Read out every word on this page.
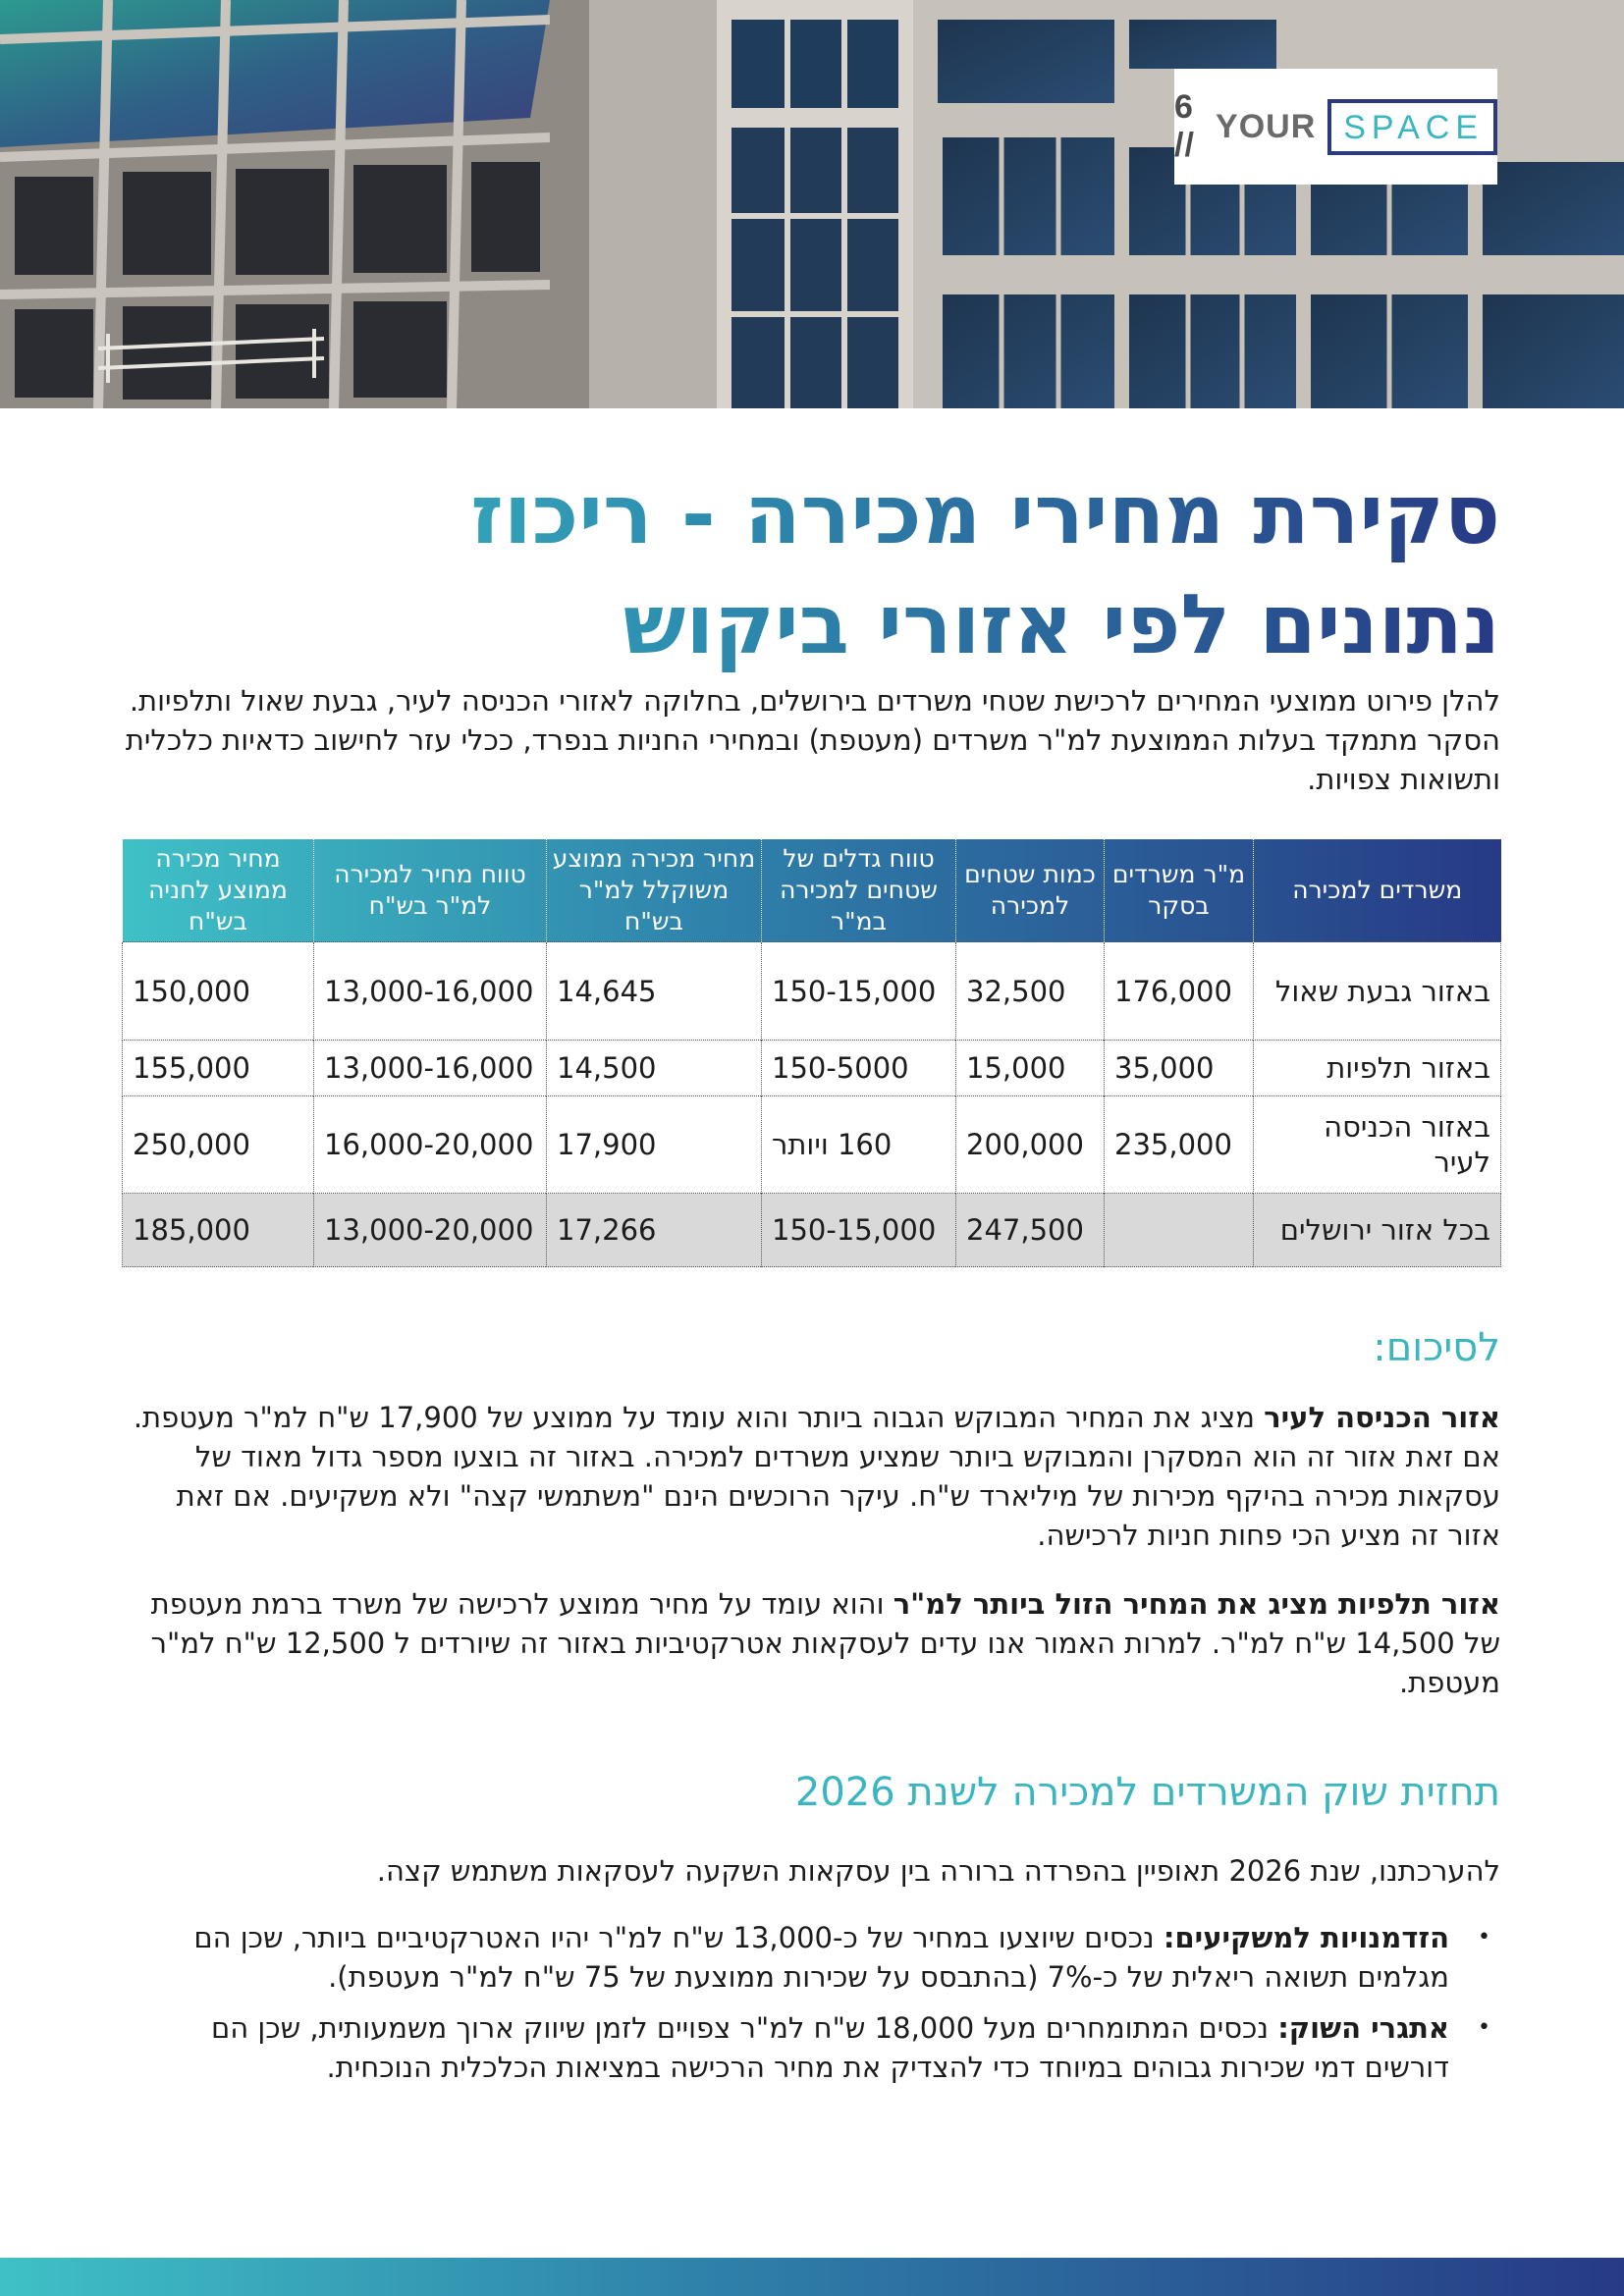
6 //
YOUR SPACE
סקירת מחירי מכירה - ריכוז
נתונים לפי אזורי ביקוש

להלן פירוט ממוצעי המחירים לרכישת שטחי משרדים בירושלים, בחלוקה לאזורי הכניסה לעיר, גבעת שאול ותלפיות. הסקר מתמקד בעלות הממוצעת למ"ר משרדים (מעטפת) ובמחירי החניות בנפרד, ככלי עזר לחישוב כדאיות כלכלית ותשואות צפויות.

משרדים למכירה	מ"ר משרדים בסקר	כמות שטחים למכירה	טווח גדלים של שטחים למכירה במ"ר	מחיר מכירה ממוצע משוקלל למ"ר בש"ח	טווח מחיר למכירה למ"ר בש"ח	מחיר מכירה ממוצע לחניה בש"ח
באזור גבעת שאול	176,000	32,500	150-15,000	14,645	13,000-16,000	150,000
באזור תלפיות	35,000	15,000	150-5000	14,500	13,000-16,000	155,000
באזור הכניסה לעיר	235,000	200,000	160 ויותר	17,900	16,000-20,000	250,000
בכל אזור ירושלים		247,500	150-15,000	17,266	13,000-20,000	185,000
לסיכום:

אזור הכניסה לעיר מציג את המחיר המבוקש הגבוה ביותר והוא עומד על ממוצע של 17,900 ש"ח למ"ר מעטפת. אם זאת אזור זה הוא המסקרן והמבוקש ביותר שמציע משרדים למכירה. באזור זה בוצעו מספר גדול מאוד של עסקאות מכירה בהיקף מכירות של מיליארד ש"ח. עיקר הרוכשים הינם "משתמשי קצה" ולא משקיעים. אם זאת אזור זה מציע הכי פחות חניות לרכישה.

אזור תלפיות מציג את המחיר הזול ביותר למ"ר והוא עומד על מחיר ממוצע לרכישה של משרד ברמת מעטפת של 14,500 ש"ח למ"ר. למרות האמור אנו עדים לעסקאות אטרקטיביות באזור זה שיורדים ל 12,500 ש"ח למ"ר מעטפת.

תחזית שוק המשרדים למכירה לשנת 2026

להערכתנו, שנת 2026 תאופיין בהפרדה ברורה בין עסקאות השקעה לעסקאות משתמש קצה.

•
הזדמנויות למשקיעים: נכסים שיוצעו במחיר של כ-13,000 ש"ח למ"ר יהיו האטרקטיביים ביותר, שכן הם מגלמים תשואה ריאלית של כ-7% (בהתבסס על שכירות ממוצעת של 75 ש"ח למ"ר מעטפת).
•
אתגרי השוק: נכסים המתומחרים מעל 18,000 ש"ח למ"ר צפויים לזמן שיווק ארוך משמעותית, שכן הם דורשים דמי שכירות גבוהים במיוחד כדי להצדיק את מחיר הרכישה במציאות הכלכלית הנוכחית.
